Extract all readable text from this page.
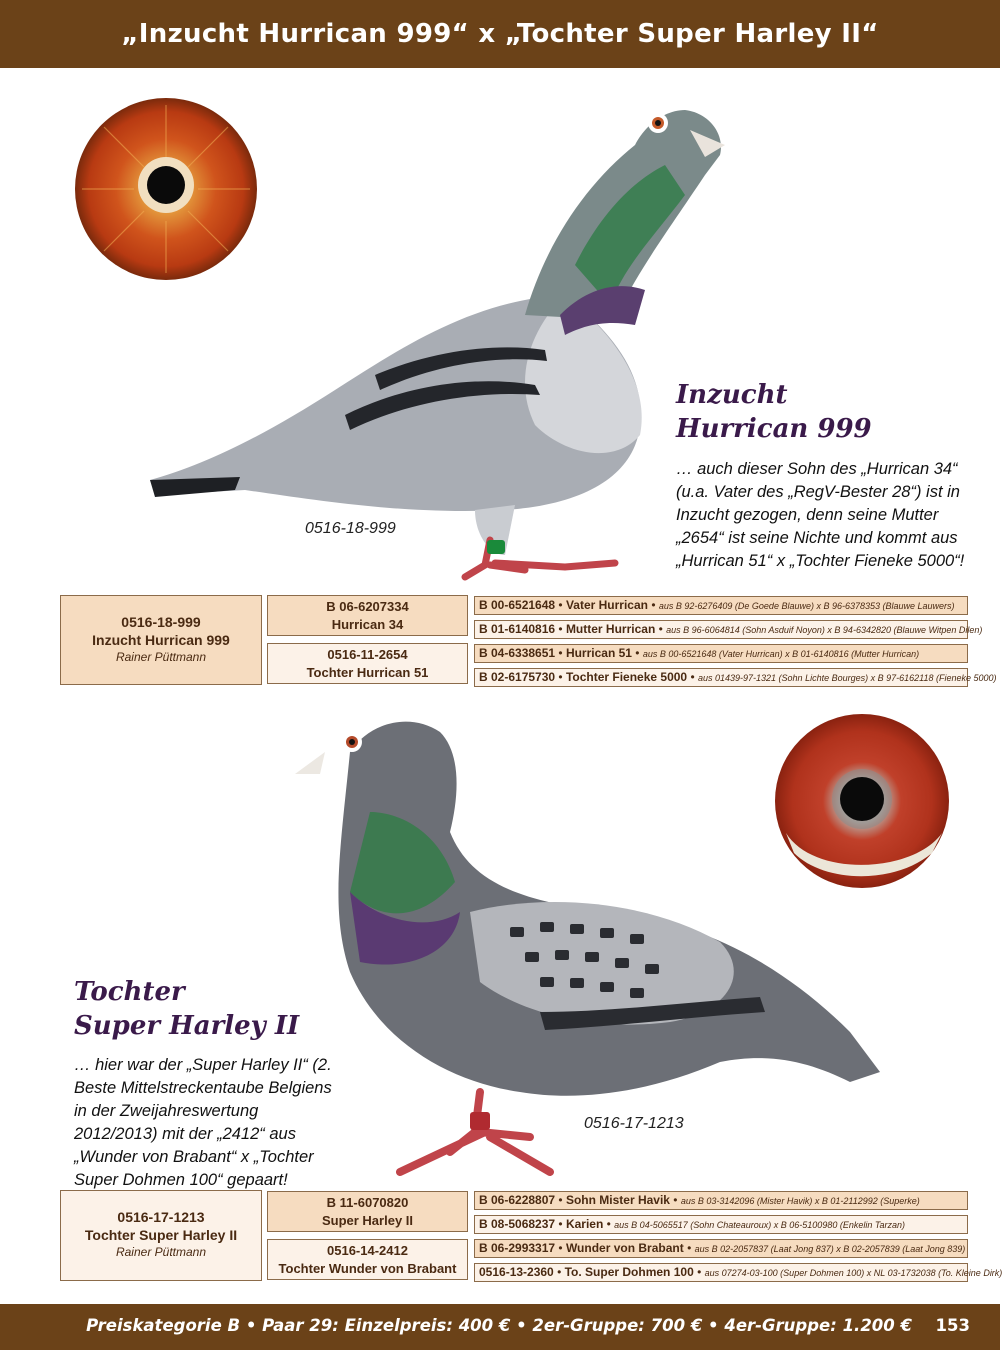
„Inzucht Hurrican 999“ x „Tochter Super Harley II“
0516-18-999
Inzucht
Hurrican 999
… auch dieser Sohn des „Hurrican 34“ (u.a. Vater des „RegV-Bester 28“) ist in Inzucht gezogen, denn seine Mutter „2654“ ist seine Nichte und kommt aus „Hurrican 51“ x „Tochter Fieneke 5000“!
0516-18-999
Inzucht Hurrican 999
Rainer Püttmann
B 06-6207334
Hurrican 34
0516-11-2654
Tochter Hurrican 51
B 00-6521648 • Vater Hurrican • aus B 92-6276409 (De Goede Blauwe) x B 96-6378353 (Blauwe Lauwers)
B 01-6140816 • Mutter Hurrican • aus B 96-6064814 (Sohn Asduif Noyon) x B 94-6342820 (Blauwe Witpen Dilen)
B 04-6338651 • Hurrican 51 • aus B 00-6521648 (Vater Hurrican) x B 01-6140816 (Mutter Hurrican)
B 02-6175730 • Tochter Fieneke 5000 • aus 01439-97-1321 (Sohn Lichte Bourges) x B 97-6162118 (Fieneke 5000)
0516-17-1213
Tochter
Super Harley II
… hier war der „Super Harley II“ (2. Beste Mittelstreckentaube Belgiens in der Zweijahreswertung 2012/2013) mit der „2412“ aus „Wunder von Brabant“ x „Tochter Super Dohmen 100“ gepaart!
0516-17-1213
Tochter Super Harley II
Rainer Püttmann
B 11-6070820
Super Harley II
0516-14-2412
Tochter Wunder von Brabant
B 06-6228807 • Sohn Mister Havik • aus B 03-3142096 (Mister Havik) x B 01-2112992 (Superke)
B 08-5068237 • Karien • aus B 04-5065517 (Sohn Chateauroux) x B 06-5100980 (Enkelin Tarzan)
B 06-2993317 • Wunder von Brabant • aus B 02-2057837 (Laat Jong 837) x B 02-2057839 (Laat Jong 839)
0516-13-2360 • To. Super Dohmen 100 • aus 07274-03-100 (Super Dohmen 100) x NL 03-1732038 (To. Kleine Dirk)
Preiskategorie B • Paar 29: Einzelpreis: 400 € • 2er-Gruppe: 700 € • 4er-Gruppe: 1.200 € 153
